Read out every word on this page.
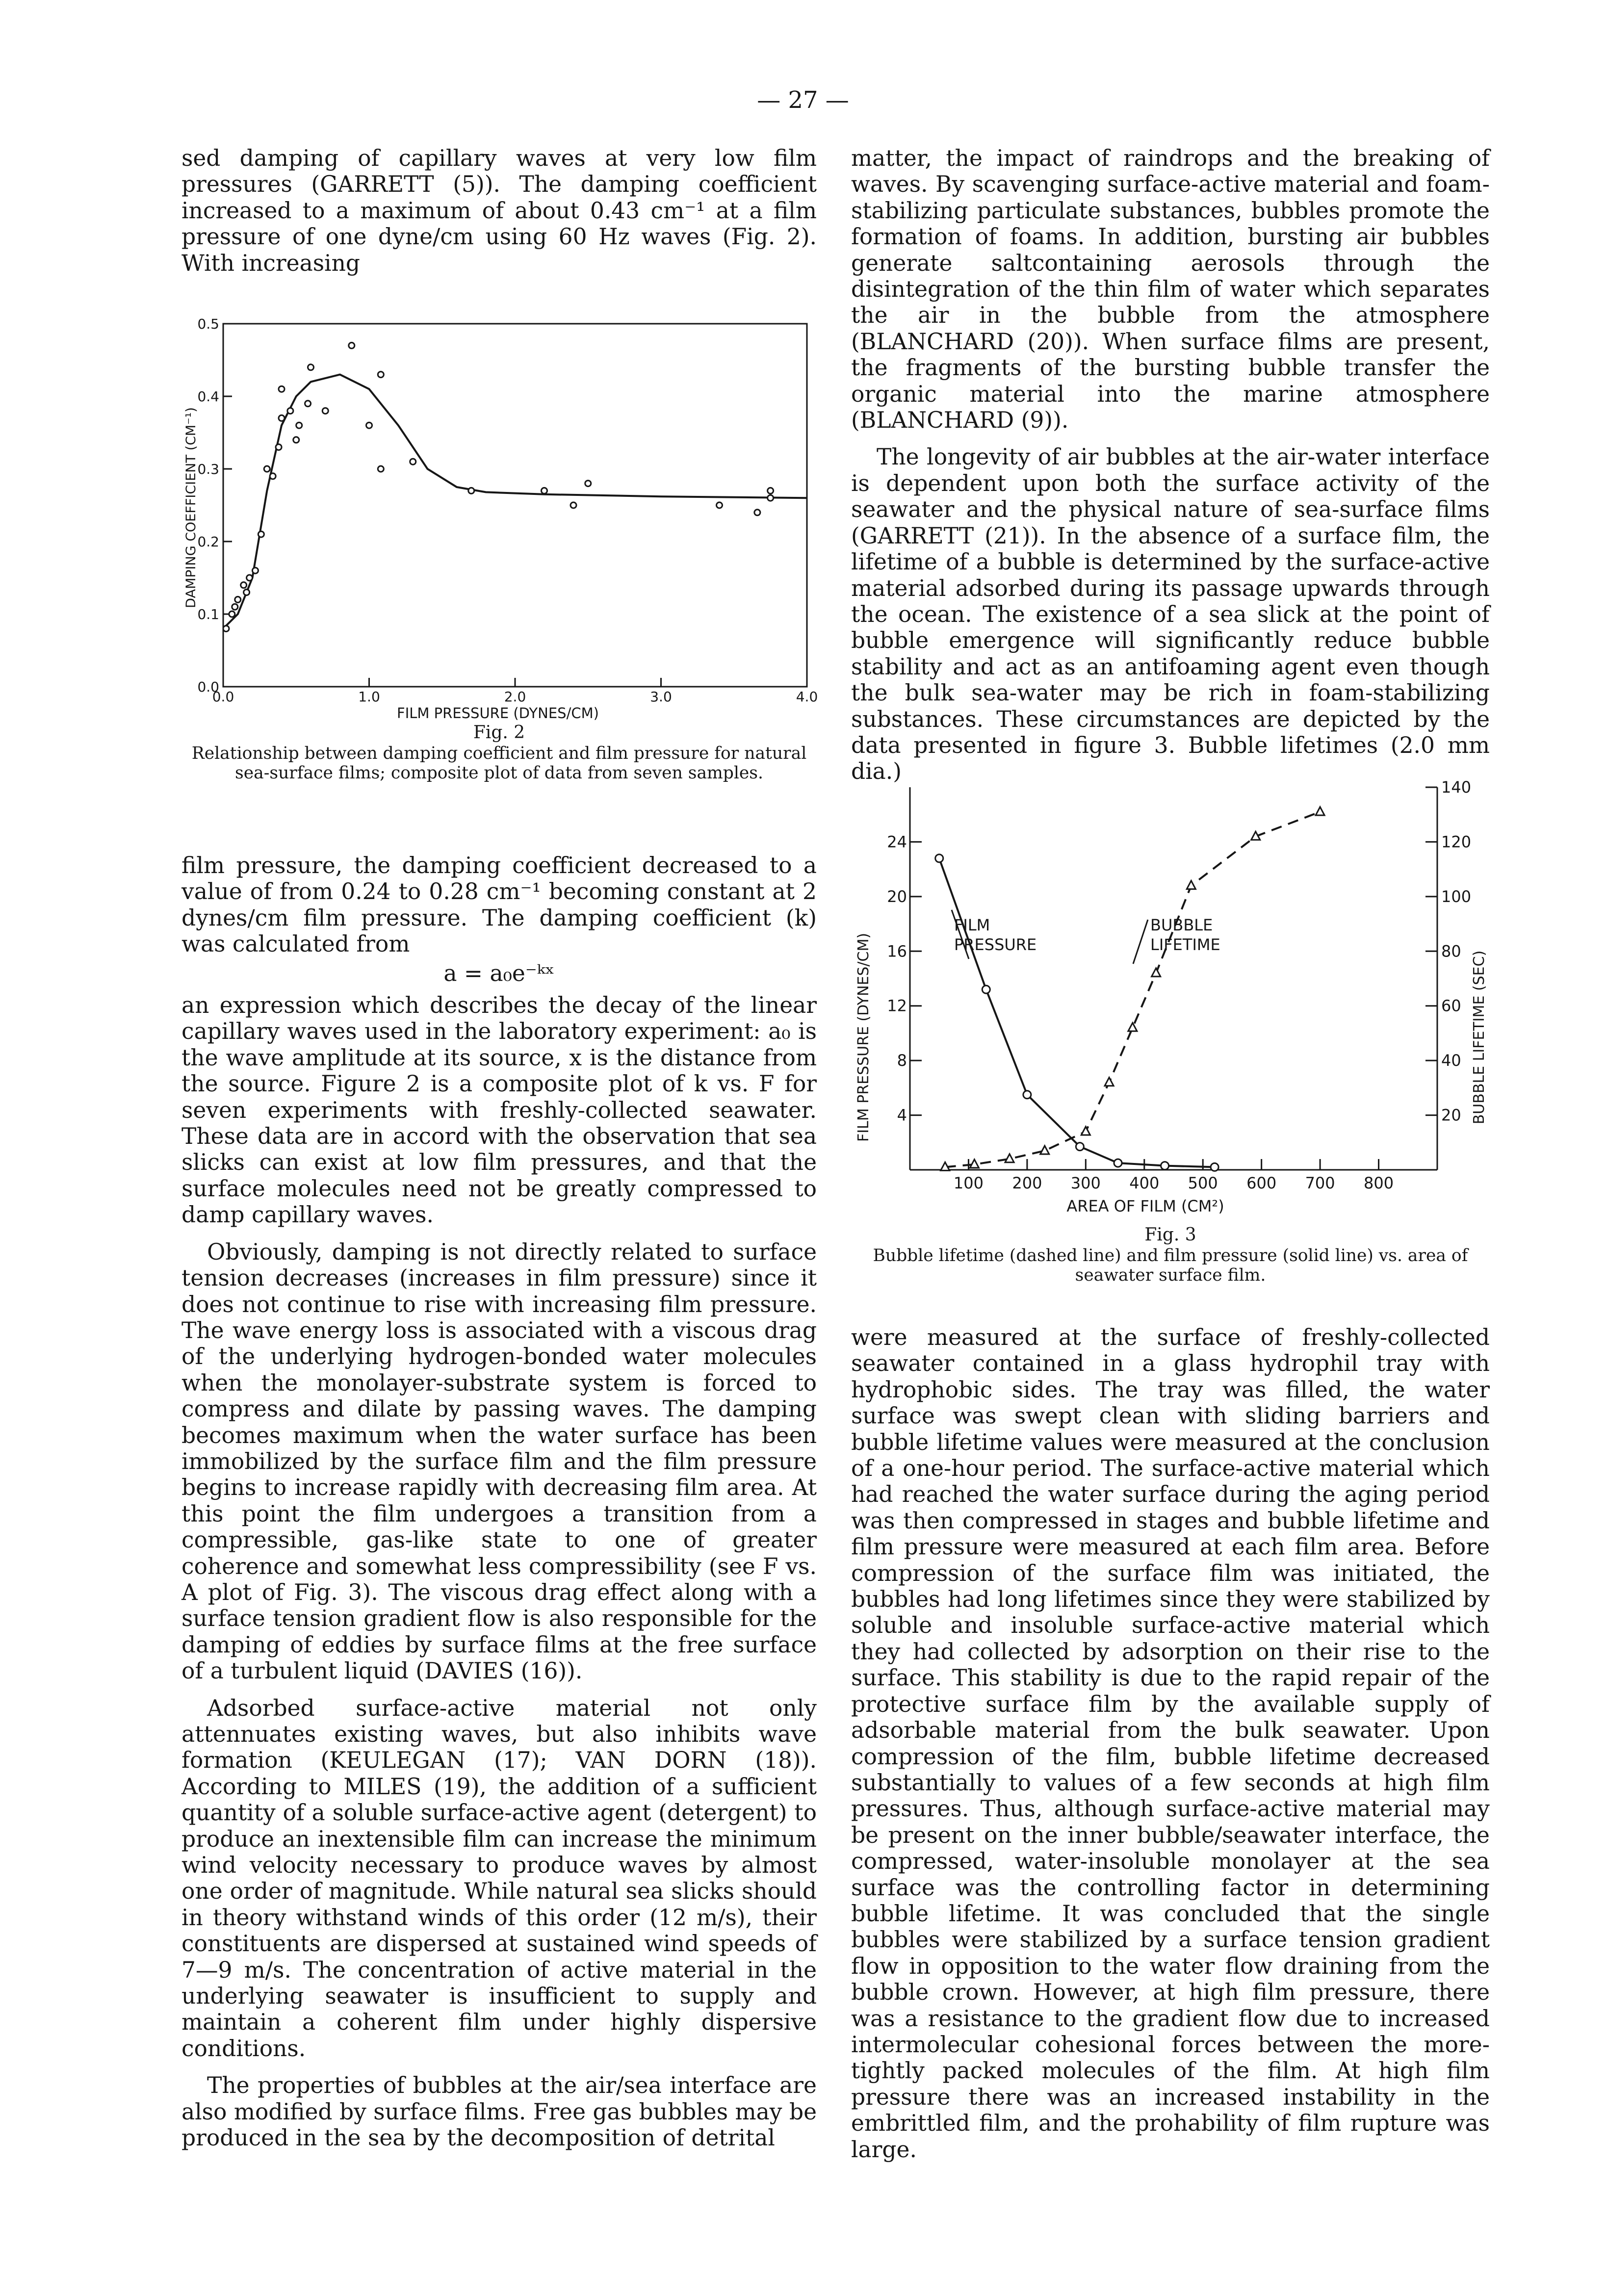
— 27 —

sed damping of capillary waves at very low film pressures (GARRETT (5)). The damping coefficient increased to a maximum of about 0.43 cm⁻¹ at a film pressure of one dyne/cm using 60 Hz waves (Fig. 2). With increasing

0.0	1.0	2.0	3.0	4.0
0.0
0.1
0.2
0.3
0.4
0.5
FILM PRESSURE (DYNES/CM)
DAMPING COEFFICIENT (CM⁻¹)
Fig. 2
Relationship between damping coefficient and film pressure for natural sea-surface films; composite plot of data from seven samples.

film pressure, the damping coefficient decreased to a value of from 0.24 to 0.28 cm⁻¹ becoming constant at 2 dynes/cm film pressure. The damping coefficient (k) was calculated from

a = a₀e⁻ᵏˣ

an expression which describes the decay of the linear capillary waves used in the laboratory experiment: a₀ is the wave amplitude at its source, x is the distance from the source. Figure 2 is a composite plot of k vs. F for seven experiments with freshly-collected seawater. These data are in accord with the observation that sea slicks can exist at low film pressures, and that the surface molecules need not be greatly compressed to damp capillary waves.

Obviously, damping is not directly related to surface tension decreases (increases in film pressure) since it does not continue to rise with increasing film pressure. The wave energy loss is associated with a viscous drag of the underlying hydrogen-bonded water molecules when the monolayer-substrate system is forced to compress and dilate by passing waves. The damping becomes maximum when the water surface has been immobilized by the surface film and the film pressure begins to increase rapidly with decreasing film area. At this point the film undergoes a transition from a compressible, gas-like state to one of greater coherence and somewhat less compressibility (see F vs. A plot of Fig. 3). The viscous drag effect along with a surface tension gradient flow is also responsible for the damping of eddies by surface films at the free surface of a turbulent liquid (DAVIES (16)).

Adsorbed surface-active material not only attennuates existing waves, but also inhibits wave formation (KEULEGAN (17); VAN DORN (18)). According to MILES (19), the addition of a sufficient quantity of a soluble surface-active agent (detergent) to produce an inextensible film can increase the minimum wind velocity necessary to produce waves by almost one order of magnitude. While natural sea slicks should in theory withstand winds of this order (12 m/s), their constituents are dispersed at sustained wind speeds of 7—9 m/s. The concentration of active material in the underlying seawater is insufficient to supply and maintain a coherent film under highly dispersive conditions.

The properties of bubbles at the air/sea interface are also modified by surface films. Free gas bubbles may be produced in the sea by the decomposition of detrital

matter, the impact of raindrops and the breaking of waves. By scavenging surface-active material and foam-stabilizing particulate substances, bubbles promote the formation of foams. In addition, bursting air bubbles generate saltcontaining aerosols through the disintegration of the thin film of water which separates the air in the bubble from the atmosphere (BLANCHARD (20)). When surface films are present, the fragments of the bursting bubble transfer the organic material into the marine atmosphere (BLANCHARD (9)).

The longevity of air bubbles at the air-water interface is dependent upon both the surface activity of the seawater and the physical nature of sea-surface films (GARRETT (21)). In the absence of a surface film, the lifetime of a bubble is determined by the surface-active material adsorbed during its passage upwards through the ocean. The existence of a sea slick at the point of bubble emergence will significantly reduce bubble stability and act as an antifoaming agent even though the bulk sea-water may be rich in foam-stabilizing substances. These circumstances are depicted by the data presented in figure 3. Bubble lifetimes (2.0 mm dia.)

100 200 300 400 500 600 700 800
4
8
12
16
20
24
20
40
60
80
100
120
140
AREA OF FILM (CM²)
FILM PRESSURE (DYNES/CM)	BUBBLE LIFETIME (SEC)
FILM
PRESSURE
BUBBLE
LIFETIME
Fig. 3
Bubble lifetime (dashed line) and film pressure (solid line) vs. area of seawater surface film.

were measured at the surface of freshly-collected seawater contained in a glass hydrophil tray with hydrophobic sides. The tray was filled, the water surface was swept clean with sliding barriers and bubble lifetime values were measured at the conclusion of a one-hour period. The surface-active material which had reached the water surface during the aging period was then compressed in stages and bubble lifetime and film pressure were measured at each film area. Before compression of the surface film was initiated, the bubbles had long lifetimes since they were stabilized by soluble and insoluble surface-active material which they had collected by adsorption on their rise to the surface. This stability is due to the rapid repair of the protective surface film by the available supply of adsorbable material from the bulk seawater. Upon compression of the film, bubble lifetime decreased substantially to values of a few seconds at high film pressures. Thus, although surface-active material may be present on the inner bubble/seawater interface, the compressed, water-insoluble monolayer at the sea surface was the controlling factor in determining bubble lifetime. It was concluded that the single bubbles were stabilized by a surface tension gradient flow in opposition to the water flow draining from the bubble crown. However, at high film pressure, there was a resistance to the gradient flow due to increased intermolecular cohesional forces between the more-tightly packed molecules of the film. At high film pressure there was an increased instability in the embrittled film, and the prohability of film rupture was large.
